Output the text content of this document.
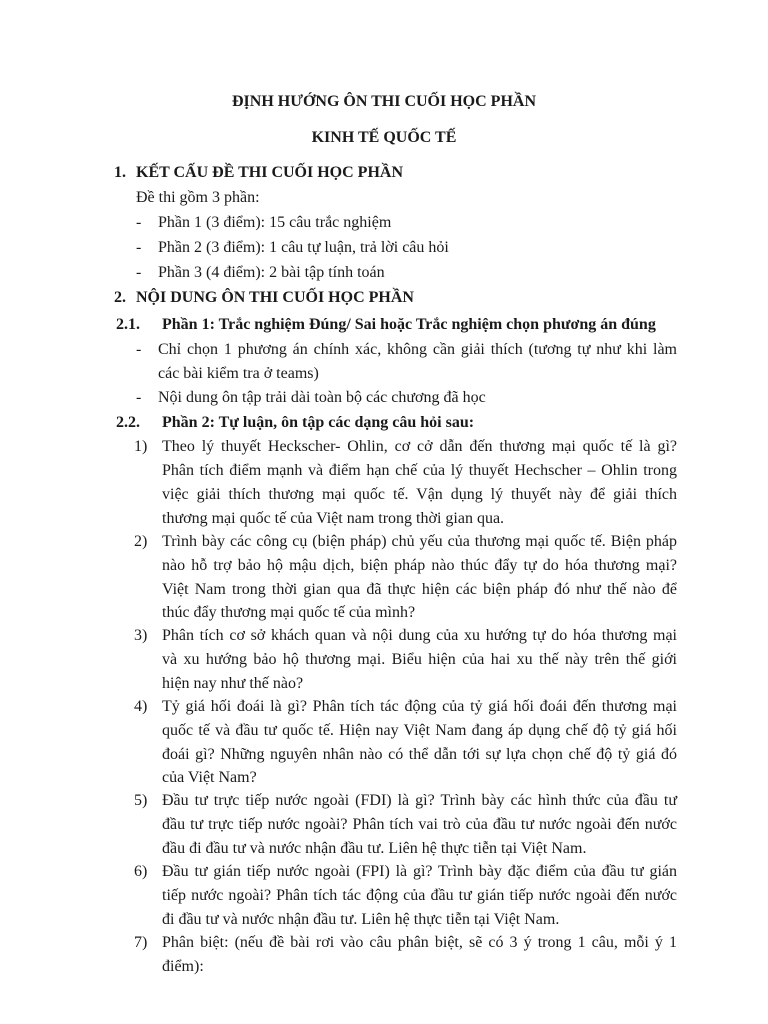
ĐỊNH HƯỚNG ÔN THI CUỐI HỌC PHẦN
KINH TẾ QUỐC TẾ
1. KẾT CẤU ĐỀ THI CUỐI HỌC PHẦN
Đề thi gồm 3 phần:
- Phần 1 (3 điểm): 15 câu trắc nghiệm
- Phần 2 (3 điểm): 1 câu tự luận, trả lời câu hỏi
- Phần 3 (4 điểm): 2 bài tập tính toán
2. NỘI DUNG ÔN THI CUỐI HỌC PHẦN
2.1. Phần 1: Trắc nghiệm Đúng/ Sai hoặc Trắc nghiệm chọn phương án đúng
- Chỉ chọn 1 phương án chính xác, không cần giải thích (tương tự như khi làm
các bài kiểm tra ở teams)
- Nội dung ôn tập trải dài toàn bộ các chương đã học
2.2. Phần 2: Tự luận, ôn tập các dạng câu hỏi sau:
1) Theo lý thuyết Heckscher- Ohlin, cơ cở dẫn đến thương mại quốc tế là gì?
Phân tích điểm mạnh và điểm hạn chế của lý thuyết Hechscher – Ohlin trong
việc giải thích thương mại quốc tế. Vận dụng lý thuyết này để giải thích
thương mại quốc tế của Việt nam trong thời gian qua.
2) Trình bày các công cụ (biện pháp) chủ yếu của thương mại quốc tế. Biện pháp
nào hỗ trợ bảo hộ mậu dịch, biện pháp nào thúc đẩy tự do hóa thương mại?
Việt Nam trong thời gian qua đã thực hiện các biện pháp đó như thế nào để
thúc đẩy thương mại quốc tế của mình?
3) Phân tích cơ sở khách quan và nội dung của xu hướng tự do hóa thương mại
và xu hướng bảo hộ thương mại. Biểu hiện của hai xu thế này trên thế giới
hiện nay như thế nào?
4) Tỷ giá hối đoái là gì? Phân tích tác động của tỷ giá hối đoái đến thương mại
quốc tế và đầu tư quốc tế. Hiện nay Việt Nam đang áp dụng chế độ tỷ giá hối
đoái gì? Những nguyên nhân nào có thể dẫn tới sự lựa chọn chế độ tỷ giá đó
của Việt Nam?
5) Đầu tư trực tiếp nước ngoài (FDI) là gì? Trình bày các hình thức của đầu tư
đầu tư trực tiếp nước ngoài? Phân tích vai trò của đầu tư nước ngoài đến nước
đầu đi đầu tư và nước nhận đầu tư. Liên hệ thực tiễn tại Việt Nam.
6) Đầu tư gián tiếp nước ngoài (FPI) là gì? Trình bày đặc điểm của đầu tư gián
tiếp nước ngoài? Phân tích tác động của đầu tư gián tiếp nước ngoài đến nước
đi đầu tư và nước nhận đầu tư. Liên hệ thực tiễn tại Việt Nam.
7) Phân biệt: (nếu đề bài rơi vào câu phân biệt, sẽ có 3 ý trong 1 câu, mỗi ý 1
điểm):
